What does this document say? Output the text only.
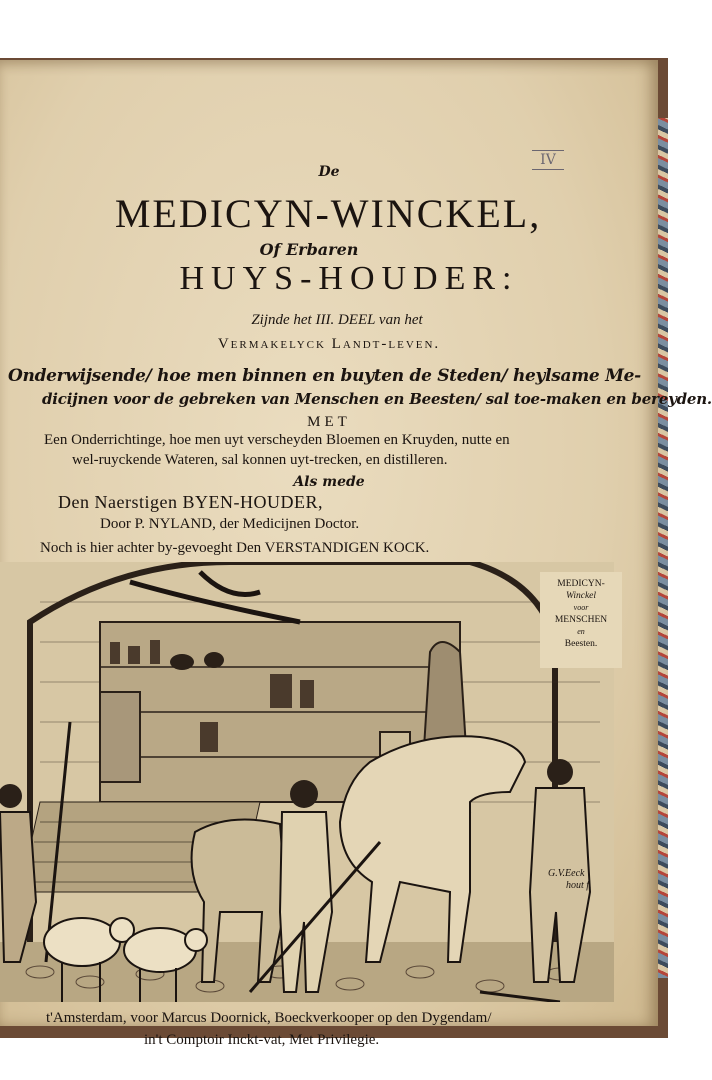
IV
De
MEDICYN-WINCKEL,
Of Erbaren
HUYS-HOUDER:
Zijnde het III. DEEL van het
Vermakelyck Landt-leven.
Onderwijsende/ hoe men binnen en buyten de Steden/ heylsame Me-
dicijnen voor de gebreken van Menschen en Beesten/ sal toe-maken en bereyden.
MET
Een Onderrichtinge, hoe men uyt verscheyden Bloemen en Kruyden, nutte en
wel-ruyckende Wateren, sal konnen uyt-trecken, en distilleren.
Als mede
Den Naerstigen BYEN-HOUDER,
Door P. NYLAND, der Medicijnen Doctor.
Noch is hier achter by-gevoeght Den VERSTANDIGEN KOCK.
MEDICYN-
Winckel
voor
MENSCHEN
en
Beesten.
G.V.Eeck
hout f.
t'Amsterdam, voor Marcus Doornick, Boeckverkooper op den Dygendam/
in't Comptoir Inckt-vat, Met Privilegie.
